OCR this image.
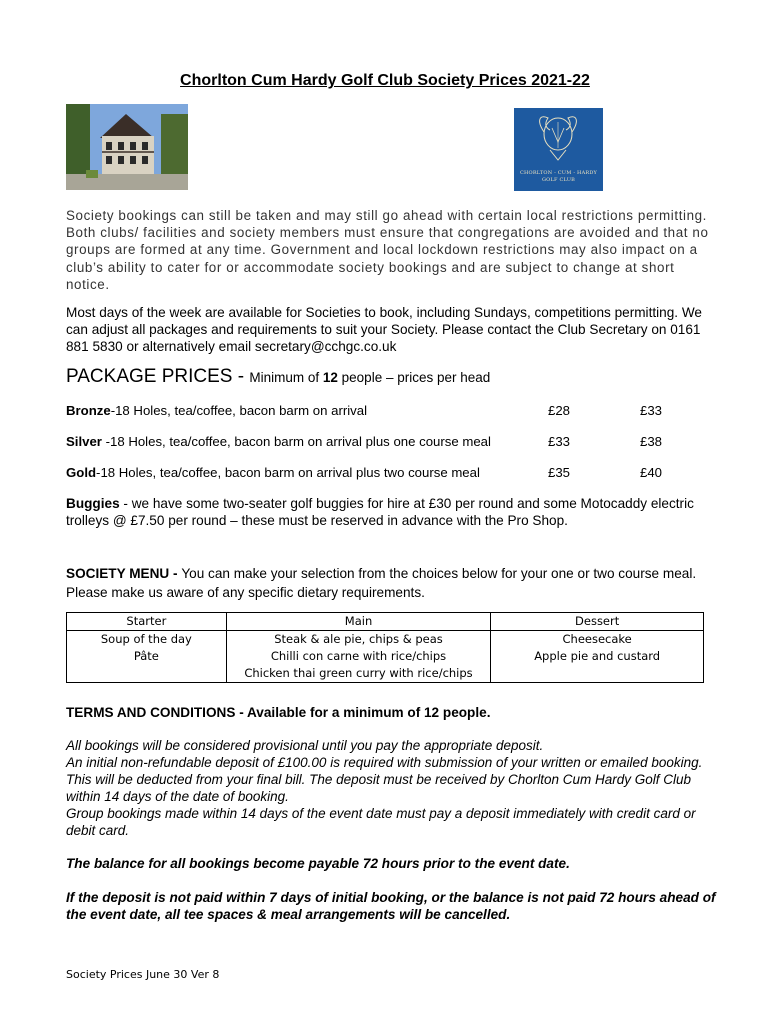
Chorlton Cum Hardy Golf Club Society Prices 2021-22
CHORLTON - CUM - HARDY
GOLF CLUB

Society bookings can still be taken and may still go ahead with certain local restrictions permitting. Both clubs/ facilities and society members must ensure that congregations are avoided and that no groups are formed at any time. Government and local lockdown restrictions may also impact on a club’s ability to cater for or accommodate society bookings and are subject to change at short notice.

Most days of the week are available for Societies to book, including Sundays, competitions permitting. We can adjust all packages and requirements to suit your Society. Please contact the Club Secretary on 0161 881 5830 or alternatively email secretary@cchgc.co.uk

PACKAGE PRICES - Minimum of 12 people – prices per head
Bronze-18 Holes, tea/coffee, bacon barm on arrival	£28	£33
Silver -18 Holes, tea/coffee, bacon barm on arrival plus one course meal	£33	£38
Gold-18 Holes, tea/coffee, bacon barm on arrival plus two course meal	£35	£40

Buggies - we have some two-seater golf buggies for hire at £30 per round and some Motocaddy electric trolleys @ £7.50 per round – these must be reserved in advance with the Pro Shop.

SOCIETY MENU - You can make your selection from the choices below for your one or two course meal. Please make us aware of any specific dietary requirements.

Starter	Main	Dessert
Soup of the day	Steak & ale pie, chips & peas	Cheesecake
Pâte	Chilli con carne with rice/chips	Apple pie and custard
	Chicken thai green curry with rice/chips	
TERMS AND CONDITIONS - Available for a minimum of 12 people.
All bookings will be considered provisional until you pay the appropriate deposit.
An initial non-refundable deposit of £100.00 is required with submission of your written or emailed booking. This will be deducted from your final bill. The deposit must be received by Chorlton Cum Hardy Golf Club within 14 days of the date of booking.
Group bookings made within 14 days of the event date must pay a deposit immediately with credit card or debit card.
The balance for all bookings become payable 72 hours prior to the event date.
If the deposit is not paid within 7 days of initial booking, or the balance is not paid 72 hours ahead of the event date, all tee spaces & meal arrangements will be cancelled.
Society Prices June 30 Ver 8
